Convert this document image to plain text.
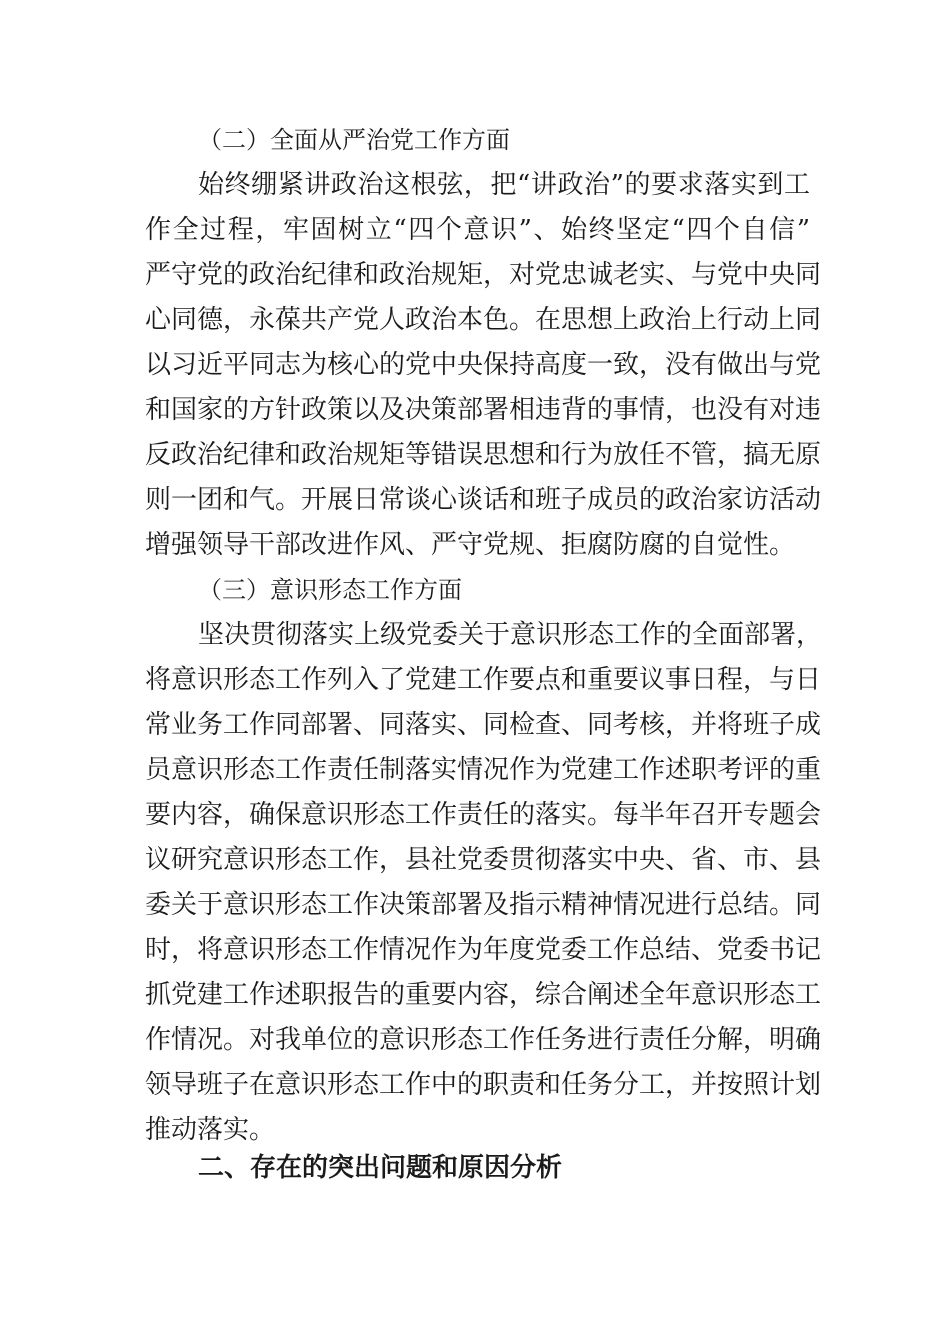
（二）全面从严治党工作方面
始终绷紧讲政治这根弦，把“讲政治”的要求落实到工
作全过程，牢固树立“四个意识”、始终坚定“四个自信”
严守党的政治纪律和政治规矩，对党忠诚老实、与党中央同
心同德，永葆共产党人政治本色。在思想上政治上行动上同
以习近平同志为核心的党中央保持高度一致，没有做出与党
和国家的方针政策以及决策部署相违背的事情，也没有对违
反政治纪律和政治规矩等错误思想和行为放任不管，搞无原
则一团和气。开展日常谈心谈话和班子成员的政治家访活动
增强领导干部改进作风、严守党规、拒腐防腐的自觉性。
（三）意识形态工作方面
坚决贯彻落实上级党委关于意识形态工作的全面部署，
将意识形态工作列入了党建工作要点和重要议事日程，与日
常业务工作同部署、同落实、同检查、同考核，并将班子成
员意识形态工作责任制落实情况作为党建工作述职考评的重
要内容，确保意识形态工作责任的落实。每半年召开专题会
议研究意识形态工作，县社党委贯彻落实中央、省、市、县
委关于意识形态工作决策部署及指示精神情况进行总结。同
时，将意识形态工作情况作为年度党委工作总结、党委书记
抓党建工作述职报告的重要内容，综合阐述全年意识形态工
作情况。对我单位的意识形态工作任务进行责任分解，明确
领导班子在意识形态工作中的职责和任务分工，并按照计划
推动落实。
二、存在的突出问题和原因分析
